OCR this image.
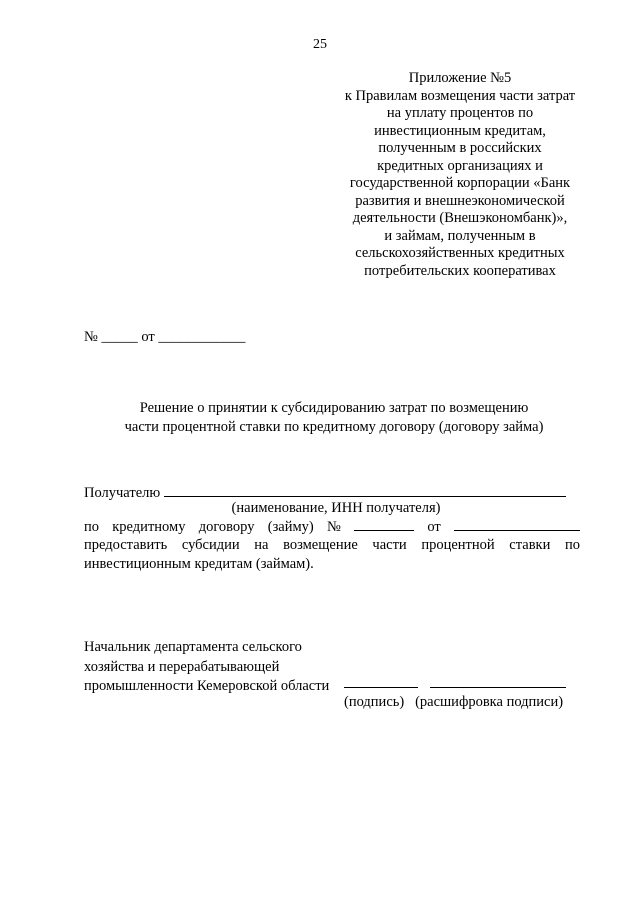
25
Приложение №5
к Правилам возмещения части затрат
на уплату процентов по
инвестиционным кредитам,
полученным в российских
кредитных организациях и
государственной корпорации «Банк
развития и внешнеэкономической
деятельности (Внешэкономбанк)»,
и займам, полученным в
сельскохозяйственных кредитных
потребительских кооперативах
№ _____ от ____________
Решение о принятии к субсидированию затрат по возмещению
части процентной ставки по кредитному договору (договору займа)
Получателю
(наименование, ИНН получателя)
по кредитному договору (займу) №	от
предоставить субсидии на возмещение части процентной ставки по
инвестиционным кредитам (займам).
Начальник департамента сельского
хозяйства и перерабатывающей
промышленности Кемеровской области
(подпись)   (расшифровка подписи)
